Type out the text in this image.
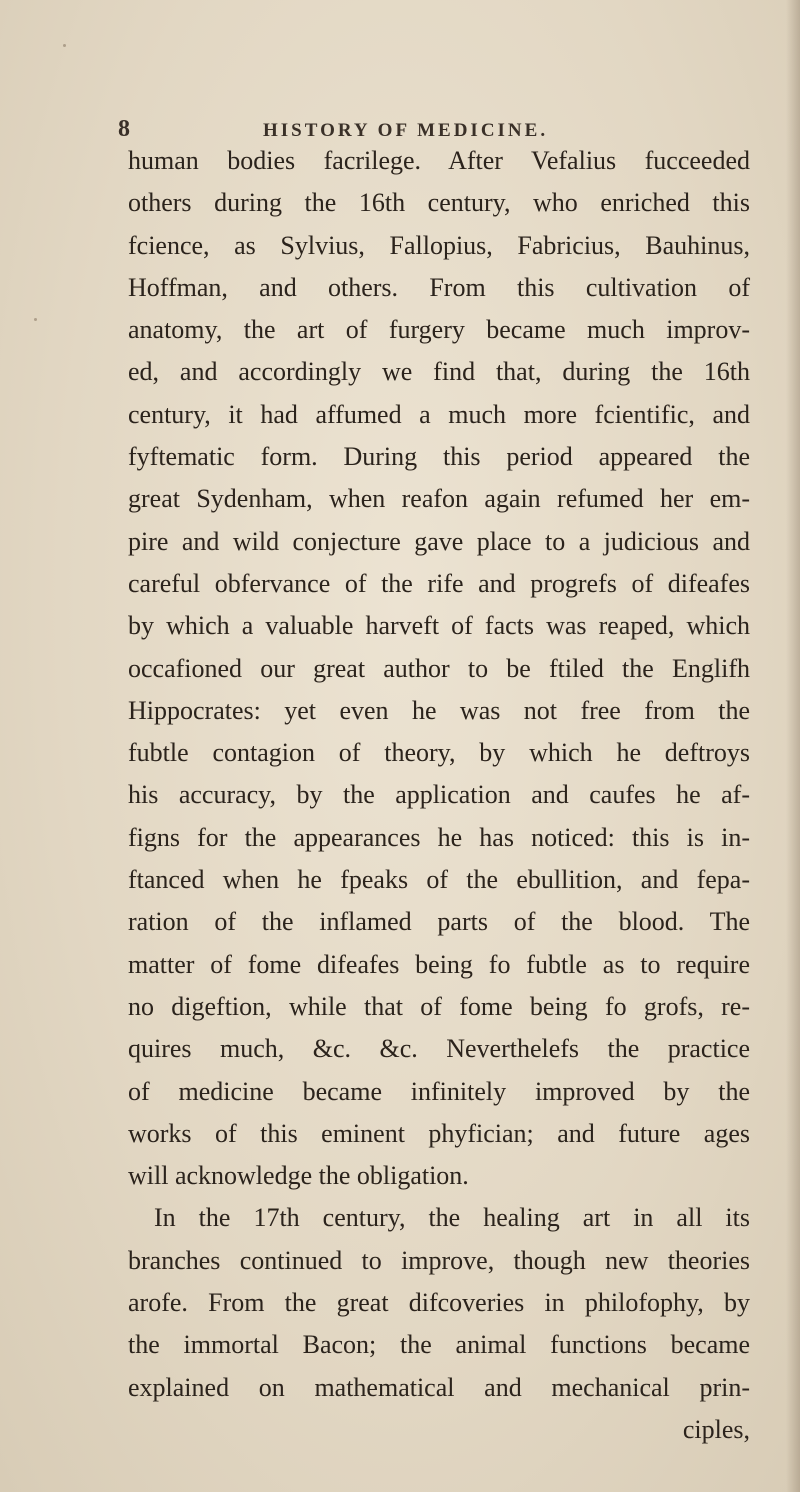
8	HISTORY OF MEDICINE.
human bodies facrilege. After Vefalius fucceeded
others during the 16th century, who enriched this
fcience, as Sylvius, Fallopius, Fabricius, Bauhinus,
Hoffman, and others. From this cultivation of
anatomy, the art of furgery became much improv-
ed, and accordingly we find that, during the 16th
century, it had affumed a much more fcientific, and
fyftematic form. During this period appeared the
great Sydenham, when reafon again refumed her em-
pire and wild conjecture gave place to a judicious and
careful obfervance of the rife and progrefs of difeafes
by which a valuable harveft of facts was reaped, which
occafioned our great author to be ftiled the Englifh
Hippocrates: yet even he was not free from the
fubtle contagion of theory, by which he deftroys
his accuracy, by the application and caufes he af-
figns for the appearances he has noticed: this is in-
ftanced when he fpeaks of the ebullition, and fepa-
ration of the inflamed parts of the blood. The
matter of fome difeafes being fo fubtle as to require
no digeftion, while that of fome being fo grofs, re-
quires much, &c. &c. Neverthelefs the practice
of medicine became infinitely improved by the
works of this eminent phyfician; and future ages
will acknowledge the obligation.
In the 17th century, the healing art in all its
branches continued to improve, though new theories
arofe. From the great difcoveries in philofophy, by
the immortal Bacon; the animal functions became
explained on mathematical and mechanical prin-
ciples,
